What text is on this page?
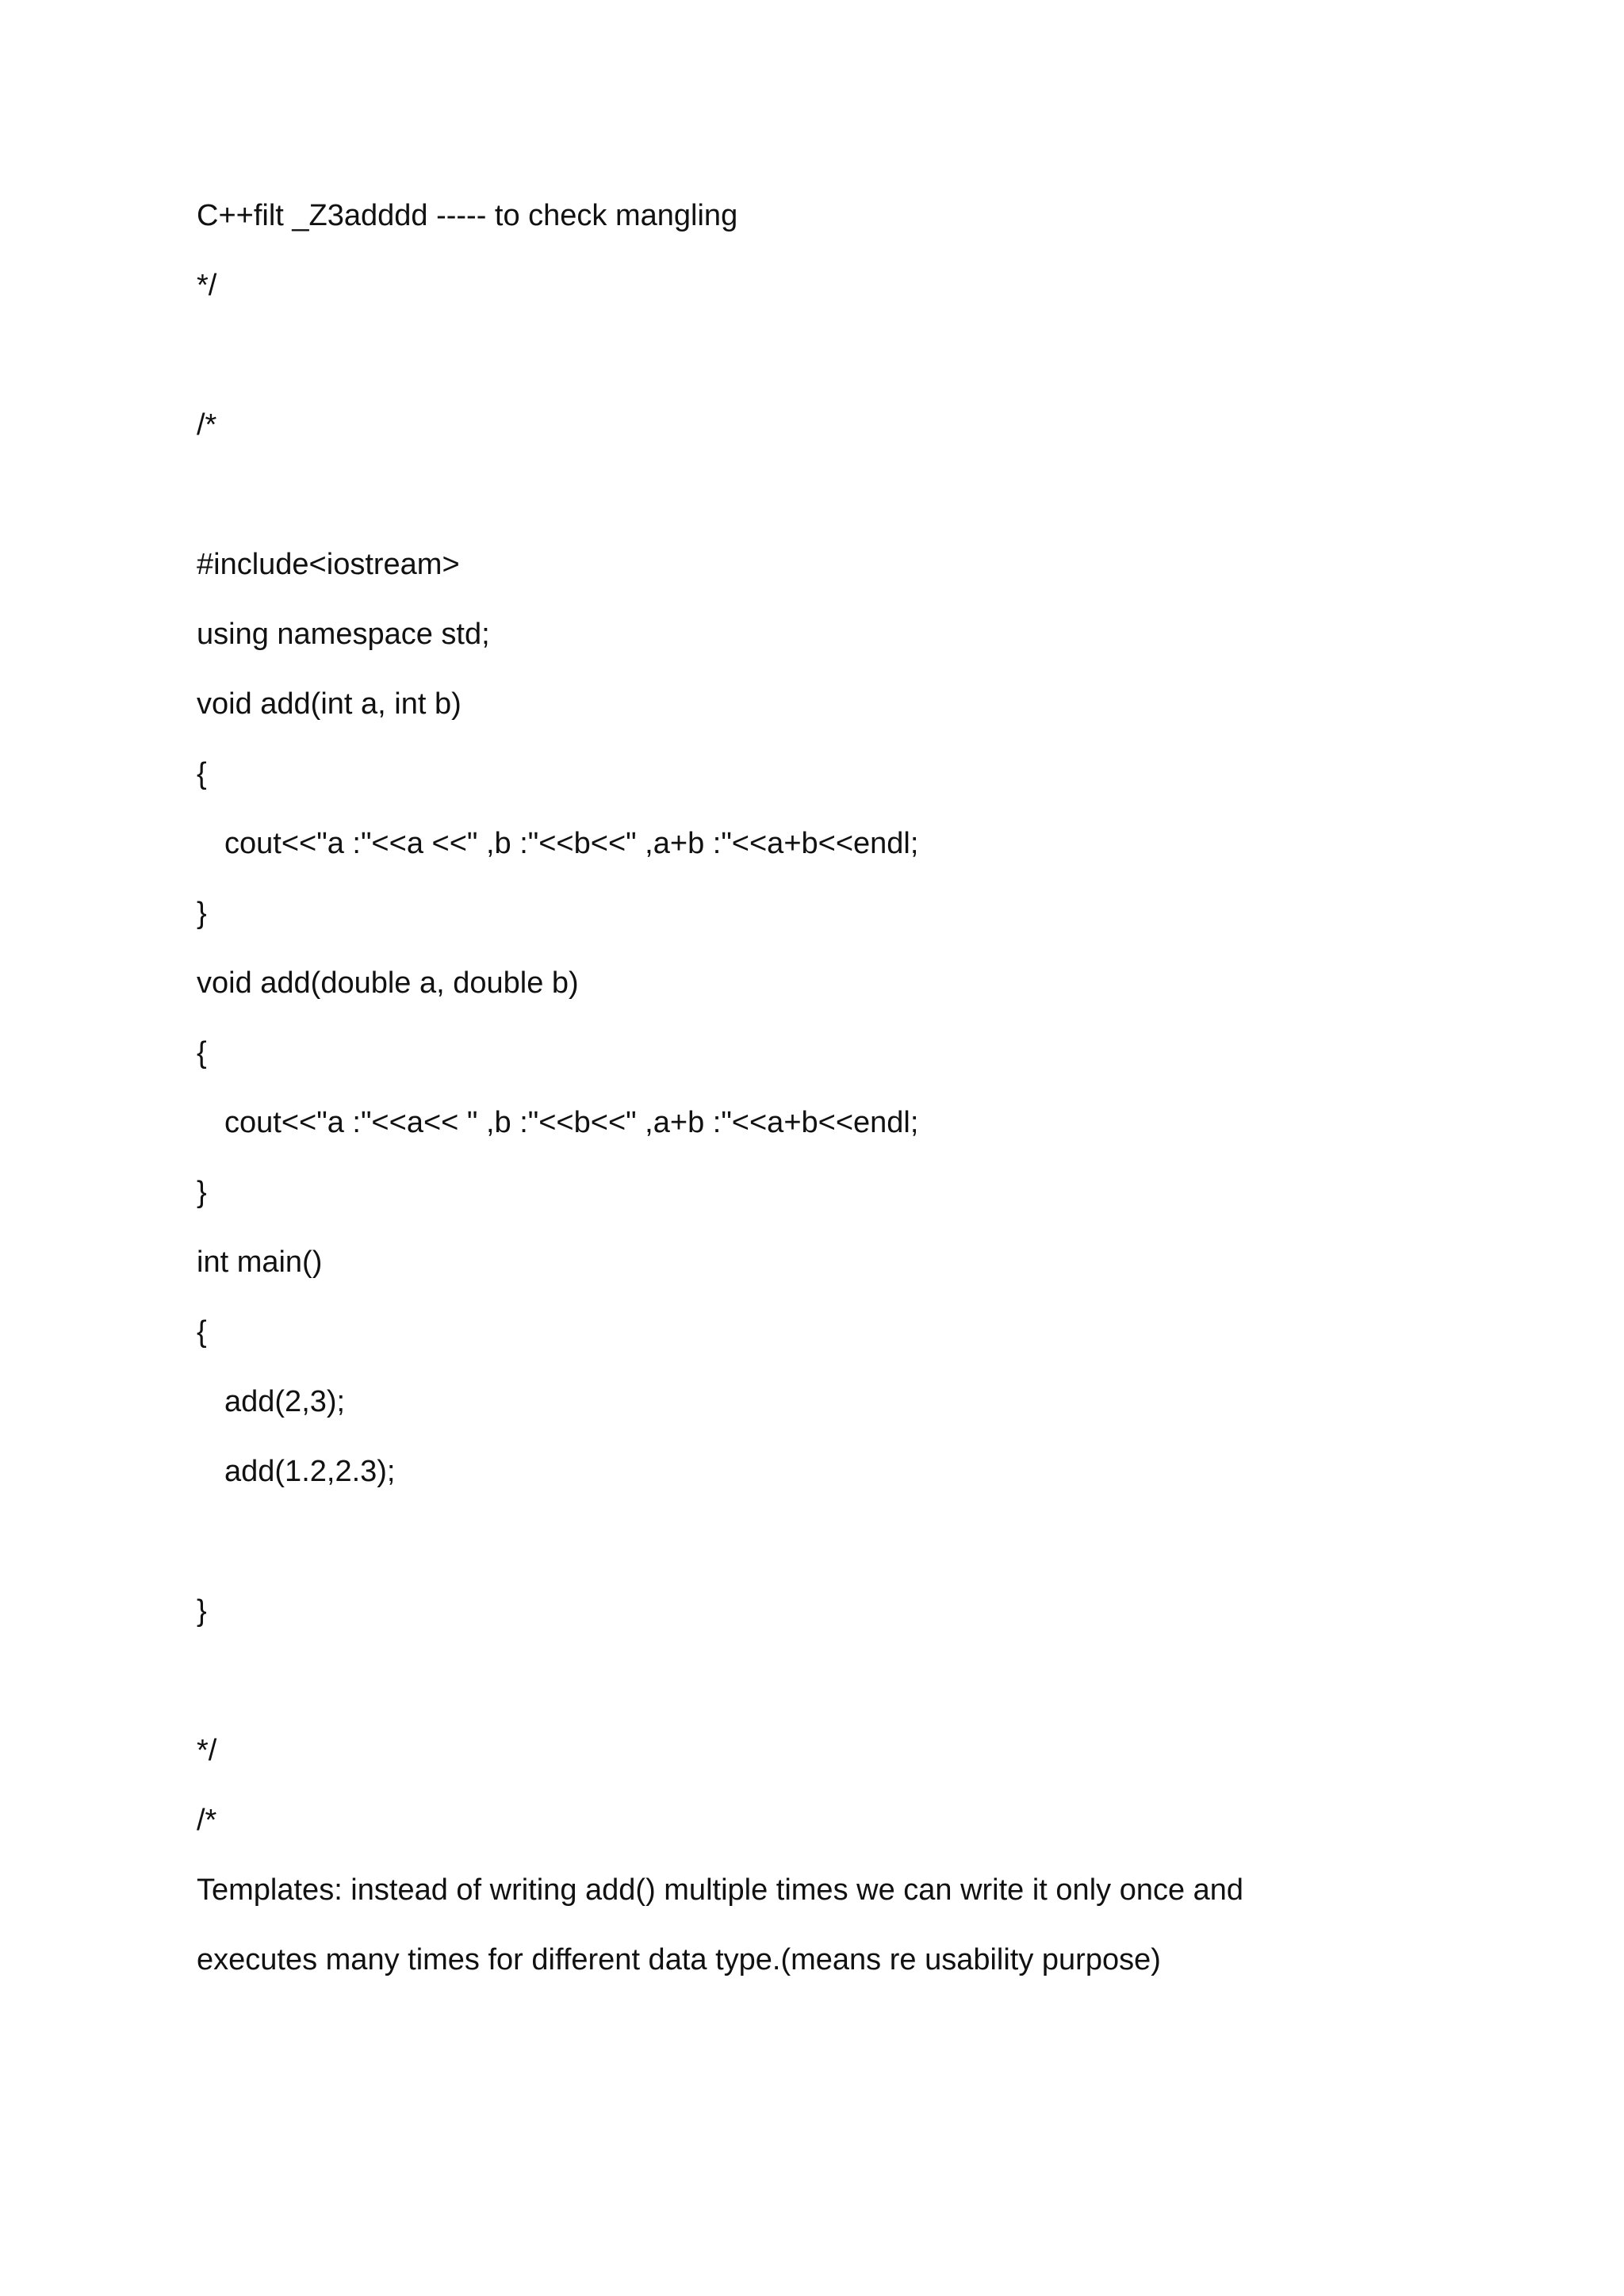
C++filt _Z3adddd ----- to check mangling
*/
/*
#include<iostream>
using namespace std;
void add(int a, int b)
{
cout<<"a :"<<a <<" ,b :"<<b<<" ,a+b :"<<a+b<<endl;
}
void add(double a, double b)
{
cout<<"a :"<<a<< " ,b :"<<b<<" ,a+b :"<<a+b<<endl;
}
int main()
{
add(2,3);
add(1.2,2.3);
}
*/
/*
Templates: instead of writing add() multiple times we can write it only once and
executes many times for different data type.(means re usability purpose)
